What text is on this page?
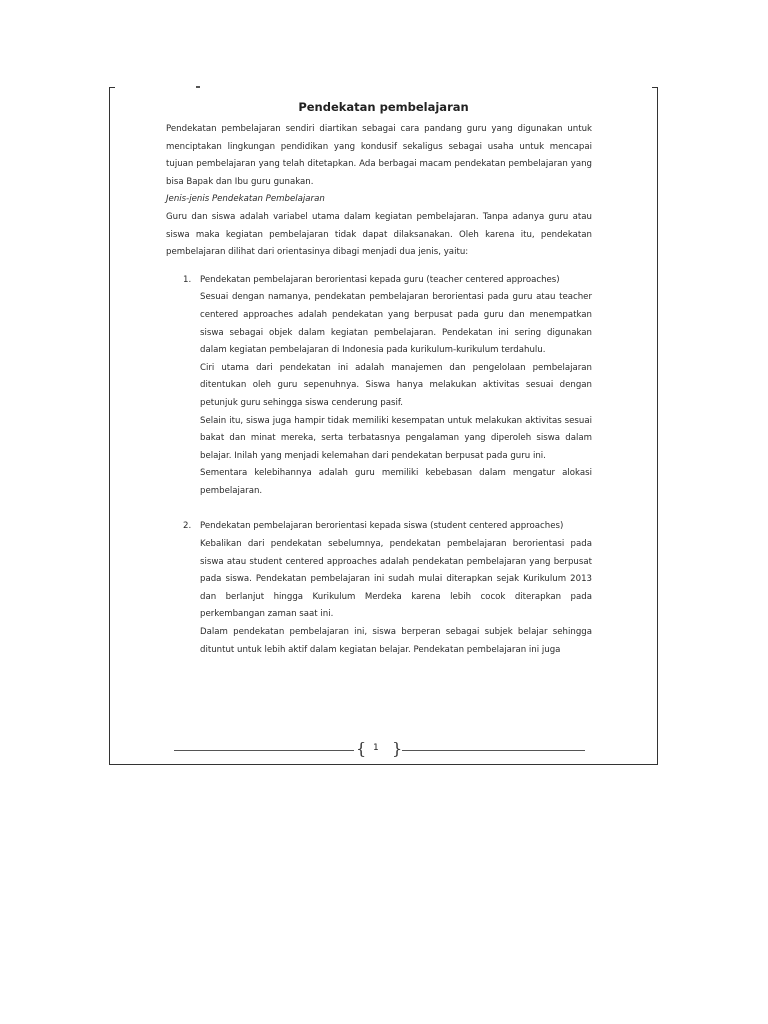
Pendekatan pembelajaran

Pendekatan pembelajaran sendiri diartikan sebagai cara pandang guru yang digunakan untuk menciptakan lingkungan pendidikan yang kondusif sekaligus sebagai usaha untuk mencapai tujuan pembelajaran yang telah ditetapkan. Ada berbagai macam pendekatan pembelajaran yang bisa Bapak dan Ibu guru gunakan.

Jenis-jenis Pendekatan Pembelajaran

Guru dan siswa adalah variabel utama dalam kegiatan pembelajaran. Tanpa adanya guru atau siswa maka kegiatan pembelajaran tidak dapat dilaksanakan. Oleh karena itu, pendekatan pembelajaran dilihat dari orientasinya dibagi menjadi dua jenis, yaitu:

1. Pendekatan pembelajaran berorientasi kepada guru (teacher centered approaches)

Sesuai dengan namanya, pendekatan pembelajaran berorientasi pada guru atau teacher centered approaches adalah pendekatan yang berpusat pada guru dan menempatkan siswa sebagai objek dalam kegiatan pembelajaran. Pendekatan ini sering digunakan dalam kegiatan pembelajaran di Indonesia pada kurikulum-kurikulum terdahulu.

Ciri utama dari pendekatan ini adalah manajemen dan pengelolaan pembelajaran ditentukan oleh guru sepenuhnya. Siswa hanya melakukan aktivitas sesuai dengan petunjuk guru sehingga siswa cenderung pasif.

Selain itu, siswa juga hampir tidak memiliki kesempatan untuk melakukan aktivitas sesuai bakat dan minat mereka, serta terbatasnya pengalaman yang diperoleh siswa dalam belajar. Inilah yang menjadi kelemahan dari pendekatan berpusat pada guru ini.

Sementara kelebihannya adalah guru memiliki kebebasan dalam mengatur alokasi pembelajaran.

2. Pendekatan pembelajaran berorientasi kepada siswa (student centered approaches)

Kebalikan dari pendekatan sebelumnya, pendekatan pembelajaran berorientasi pada siswa atau student centered approaches adalah pendekatan pembelajaran yang berpusat pada siswa. Pendekatan pembelajaran ini sudah mulai diterapkan sejak Kurikulum 2013 dan berlanjut hingga Kurikulum Merdeka karena lebih cocok diterapkan pada perkembangan zaman saat ini.

Dalam pendekatan pembelajaran ini, siswa berperan sebagai subjek belajar sehingga dituntut untuk lebih aktif dalam kegiatan belajar. Pendekatan pembelajaran ini juga

{ 1 }
